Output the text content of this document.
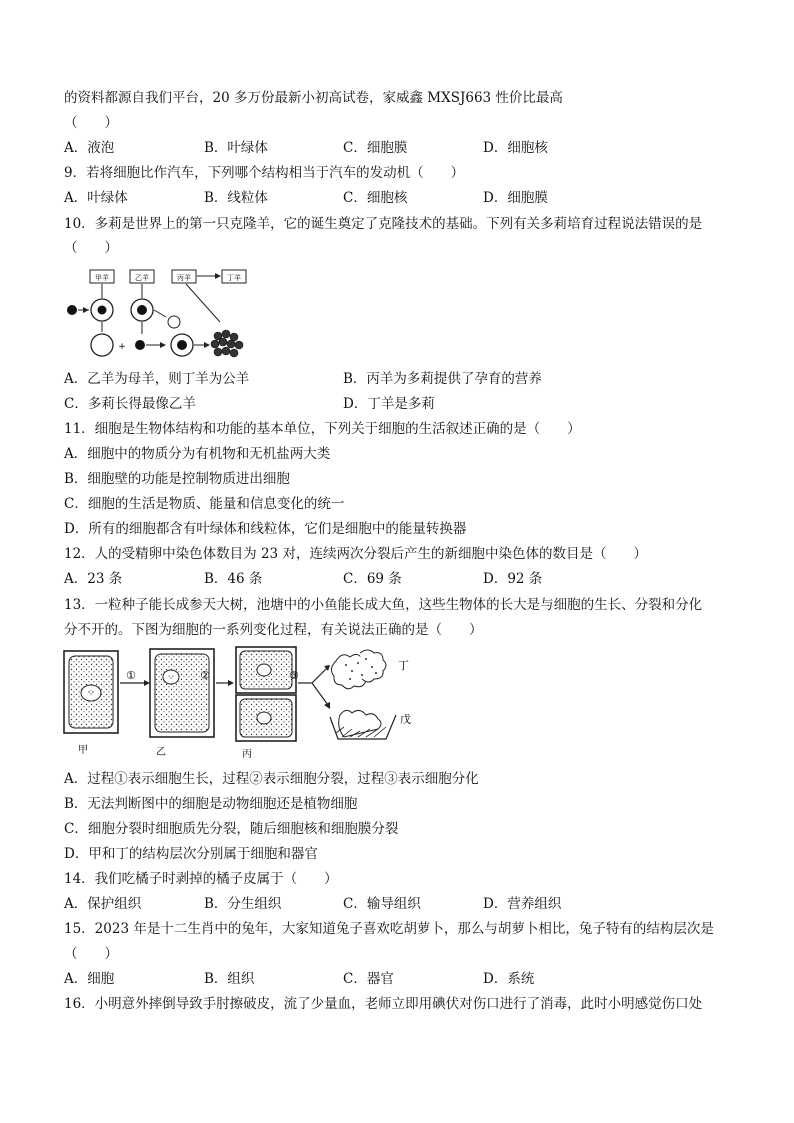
的资料都源自我们平台，20 多万份最新小初高试卷，家威鑫 MXSJ663 性价比最高
（　　）
A．液泡	B．叶绿体	C．细胞膜	D．细胞核
9．若将细胞比作汽车，下列哪个结构相当于汽车的发动机（　　）
A．叶绿体	B．线粒体	C．细胞核	D．细胞膜
10．多莉是世界上的第一只克隆羊，它的诞生奠定了克隆技术的基础。下列有关多莉培育过程说法错误的是
（　　）
甲羊	乙羊	丙羊	丁羊
+
A．乙羊为母羊，则丁羊为公羊	B．丙羊为多莉提供了孕育的营养
C．多莉长得最像乙羊	D．丁羊是多莉
11．细胞是生物体结构和功能的基本单位，下列关于细胞的生活叙述正确的是（　　）
A．细胞中的物质分为有机物和无机盐两大类
B．细胞壁的功能是控制物质进出细胞
C．细胞的生活是物质、能量和信息变化的统一
D．所有的细胞都含有叶绿体和线粒体，它们是细胞中的能量转换器
12．人的受精卵中染色体数目为 23 对，连续两次分裂后产生的新细胞中染色体的数目是（　　）
A．23 条	B．46 条	C．69 条	D．92 条
13．一粒种子能长成参天大树，池塘中的小鱼能长成大鱼，这些生物体的长大是与细胞的生长、分裂和分化
分不开的。下图为细胞的一系列变化过程，有关说法正确的是（　　）
甲
①
乙
②
丙
③
丁
戊
A．过程①表示细胞生长，过程②表示细胞分裂，过程③表示细胞分化
B．无法判断图中的细胞是动物细胞还是植物细胞
C．细胞分裂时细胞质先分裂，随后细胞核和细胞膜分裂
D．甲和丁的结构层次分别属于细胞和器官
14．我们吃橘子时剥掉的橘子皮属于（　　）
A．保护组织	B．分生组织	C．输导组织	D．营养组织
15．2023 年是十二生肖中的兔年，大家知道兔子喜欢吃胡萝卜，那么与胡萝卜相比，兔子特有的结构层次是
（　　）
A．细胞	B．组织	C．器官	D．系统
16．小明意外摔倒导致手肘擦破皮，流了少量血，老师立即用碘伏对伤口进行了消毒，此时小明感觉伤口处
